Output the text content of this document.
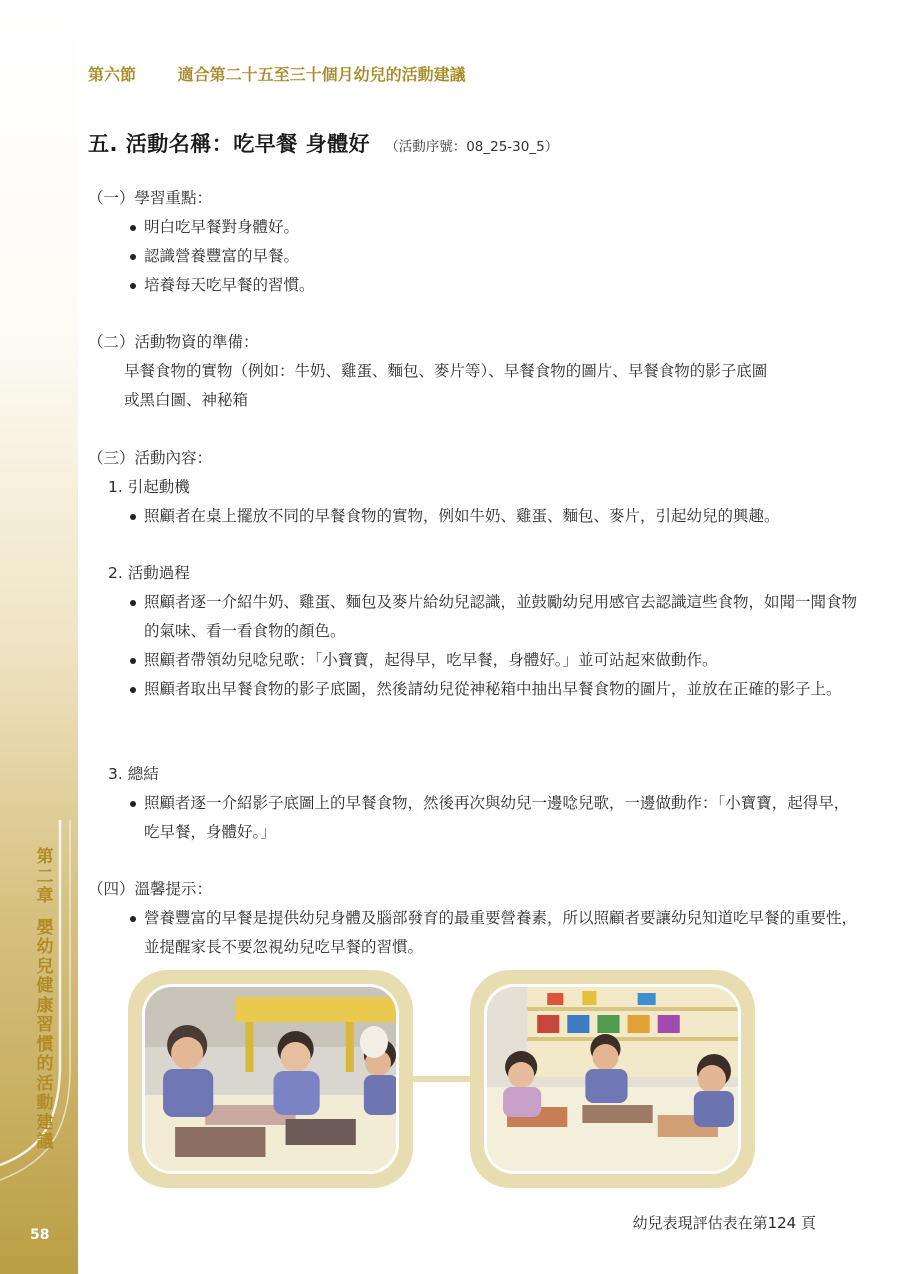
第
二
章
嬰
幼
兒
健
康
習
慣
的
活
動
建
議
58
第六節	適合第二十五至三十個月幼兒的活動建議
五. 活動名稱：吃早餐 身體好 （活動序號：08_25-30_5）
（一）學習重點：
明白吃早餐對身體好。
認識營養豐富的早餐。
培養每天吃早餐的習慣。
（二）活動物資的準備：
早餐食物的實物（例如：牛奶、雞蛋、麵包、麥片等）、早餐食物的圖片、早餐食物的影子底圖
或黑白圖、神秘箱
（三）活動內容：
1. 引起動機
照顧者在桌上擺放不同的早餐食物的實物，例如牛奶、雞蛋、麵包、麥片，引起幼兒的興趣。
2. 活動過程
照顧者逐一介紹牛奶、雞蛋、麵包及麥片給幼兒認識，並鼓勵幼兒用感官去認識這些食物，如聞一聞食物的氣味、看一看食物的顏色。
照顧者帶領幼兒唸兒歌：「小寶寶，起得早，吃早餐，身體好。」並可站起來做動作。
照顧者取出早餐食物的影子底圖，然後請幼兒從神秘箱中抽出早餐食物的圖片，並放在正確的影子上。
3. 總結
照顧者逐一介紹影子底圖上的早餐食物，然後再次與幼兒一邊唸兒歌，一邊做動作：「小寶寶，起得早，吃早餐，身體好。」
（四）溫馨提示：
營養豐富的早餐是提供幼兒身體及腦部發育的最重要營養素，所以照顧者要讓幼兒知道吃早餐的重要性，並提醒家長不要忽視幼兒吃早餐的習慣。
幼兒表現評估表在第124 頁
